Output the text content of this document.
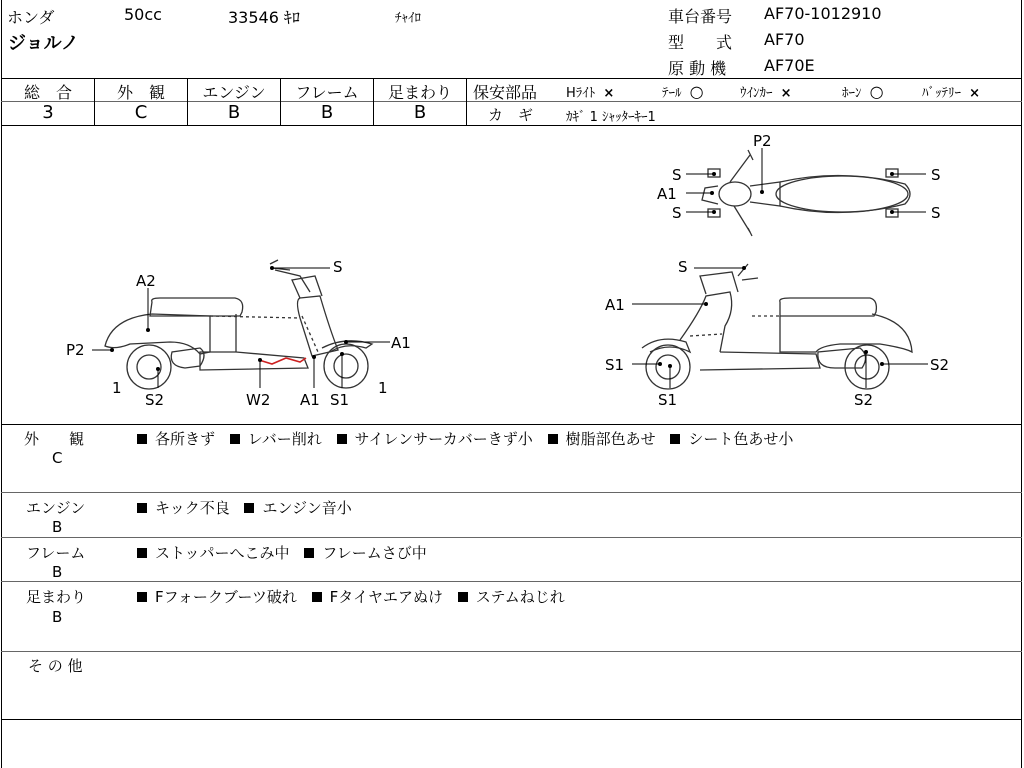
ホンダ	50cc	33546 ｷﾛ	ﾁｬｲﾛ
ジョルノ
車台番号 AF70-1012910
型　　式	AF70
原 動 機 AF70E
総　合	外　観	エンジン	フレーム	足まわり
3	C	B	B	B
保安部品 Hﾗｲﾄ ×	ﾃｰﾙ ○	ｳｲﾝｶｰ ×	ﾎｰﾝ ○	ﾊﾞｯﾃﾘｰ ×
カ　ギ	ｶｷﾞ 1 ｼｬｯﾀｰｷｰ1
A2
P2
1
S2	W2 A1 S1
1
A1
S
P2
S
A1
S
S
S
S
A1
S1
S1
S2
S2
外　　観
C
各所きず レバー削れ サイレンサーカバーきず小 樹脂部色あせ シート色あせ小
エンジン
B
キック不良 エンジン音小
フレーム
B
ストッパーへこみ中 フレームさび中
足まわり
B
Fフォークブーツ破れ Fタイヤエアぬけ ステムねじれ
そ の 他
